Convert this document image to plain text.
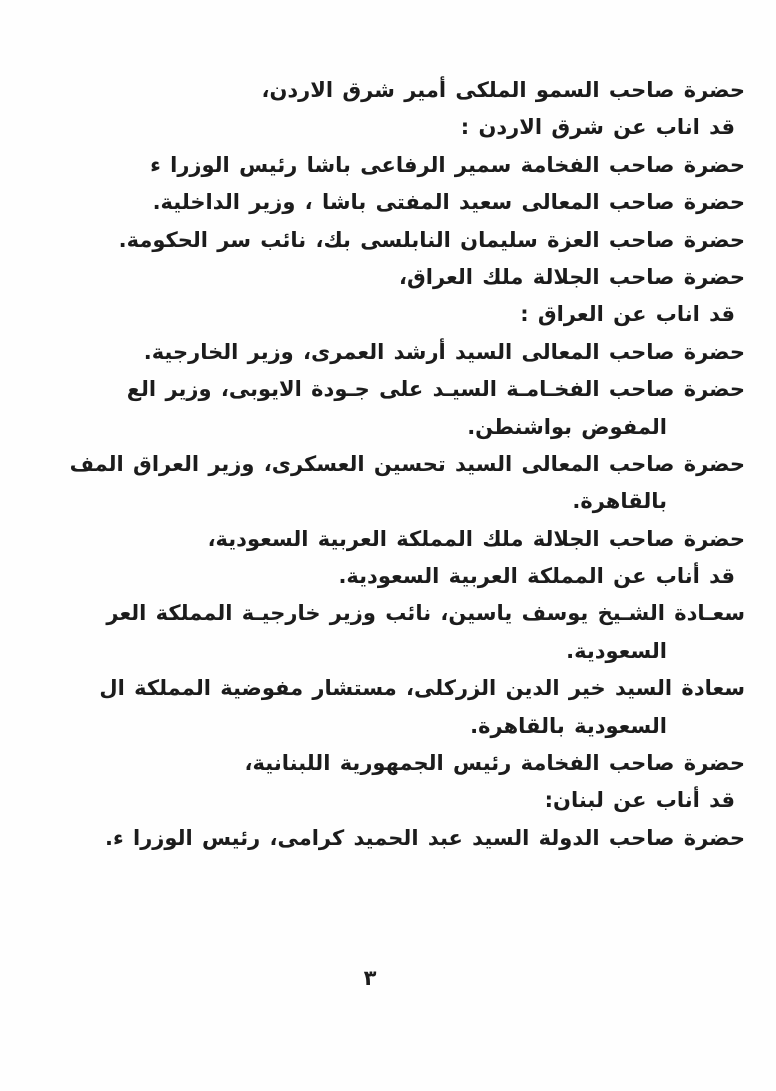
حضرة صاحب السمو الملكى أمير شرق الاردن،

قد اناب عن شرق الاردن :

حضرة صاحب الفخامة سمير الرفاعى باشا رئيس الوزرا ء

حضرة صاحب المعالى سعيد المفتى باشا ، وزير الداخلية.

حضرة صاحب العزة سليمان النابلسى بك، نائب سر الحكومة.

حضرة صاحب الجلالة ملك العراق،

قد اناب عن العراق :

حضرة صاحب المعالى السيد أرشد العمرى، وزير الخارجية.

حضرة صاحب الفخـامـة السيـد على جـودة الايوبى، وزير الع

المفوض بواشنطن.

حضرة صاحب المعالى السيد تحسين العسكرى، وزير العراق المف

بالقاهرة.

حضرة صاحب الجلالة ملك المملكة العربية السعودية،

قد أناب عن المملكة العربية السعودية.

سعـادة الشـيخ يوسف ياسين، نائب وزير خارجيـة المملكة العر

السعودية.

سعادة السيد خير الدين الزركلى، مستشار مفوضية المملكة ال

السعودية بالقاهرة.

حضرة صاحب الفخامة رئيس الجمهورية اللبنانية،

قد أناب عن لبنان:

حضرة صاحب الدولة السيد عبد الحميد كرامى، رئيس الوزرا ء.

٣
